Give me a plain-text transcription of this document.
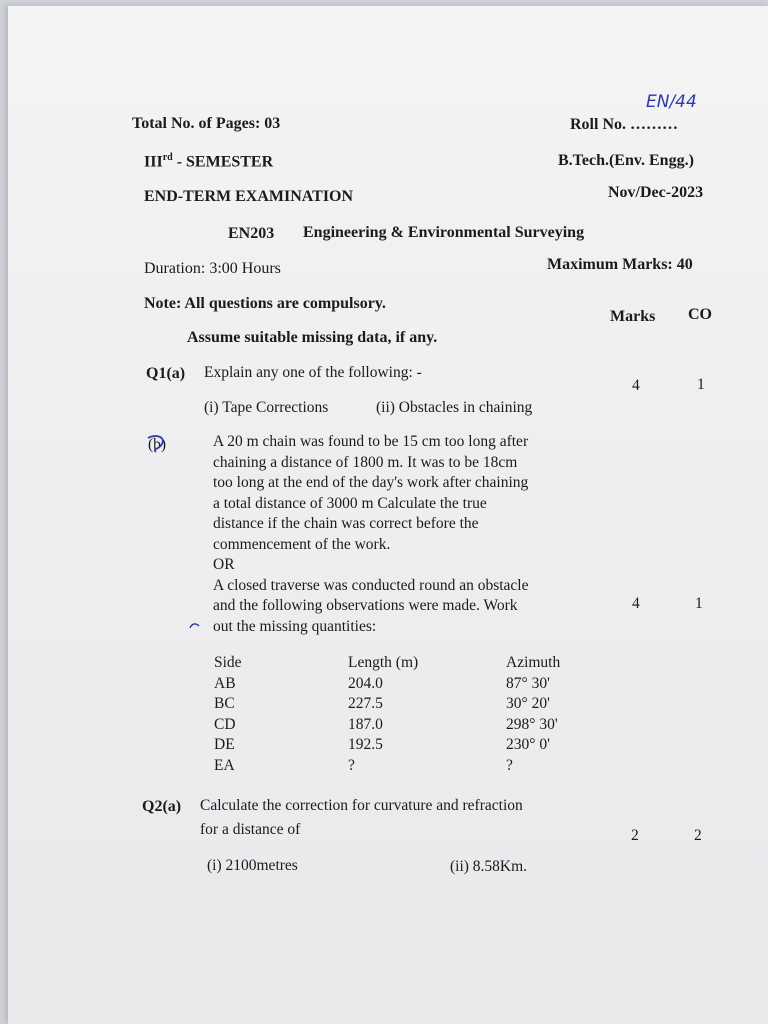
Total No. of Pages: 03	Roll No. ………
EN/44
IIIrd - SEMESTER	B.Tech.(Env. Engg.)
END-TERM EXAMINATION	Nov/Dec-2023
EN203 Engineering & Environmental Surveying
Duration: 3:00 Hours	Maximum Marks: 40
Note: All questions are compulsory.
Marks CO
Assume suitable missing data, if any.
Q1(a) Explain any one of the following: -
(i) Tape Corrections	(ii) Obstacles in chaining
4	1
(b)	A 20 m chain was found to be 15 cm too long after
chaining a distance of 1800 m. It was to be 18cm
too long at the end of the day's work after chaining
a total distance of 3000 m Calculate the true
distance if the chain was correct before the
commencement of the work.
OR
A closed traverse was conducted round an obstacle
and the following observations were made. Work
out the missing quantities:
4	1
Side	Length (m)	Azimuth
AB	204.0	87° 30'
BC	227.5	30° 20'
CD	187.0	298° 30'
DE	192.5	230° 0'
EA	?	?
Q2(a) Calculate the correction for curvature and refraction
for a distance of	2	2
(i) 2100metres	(ii) 8.58Km.
